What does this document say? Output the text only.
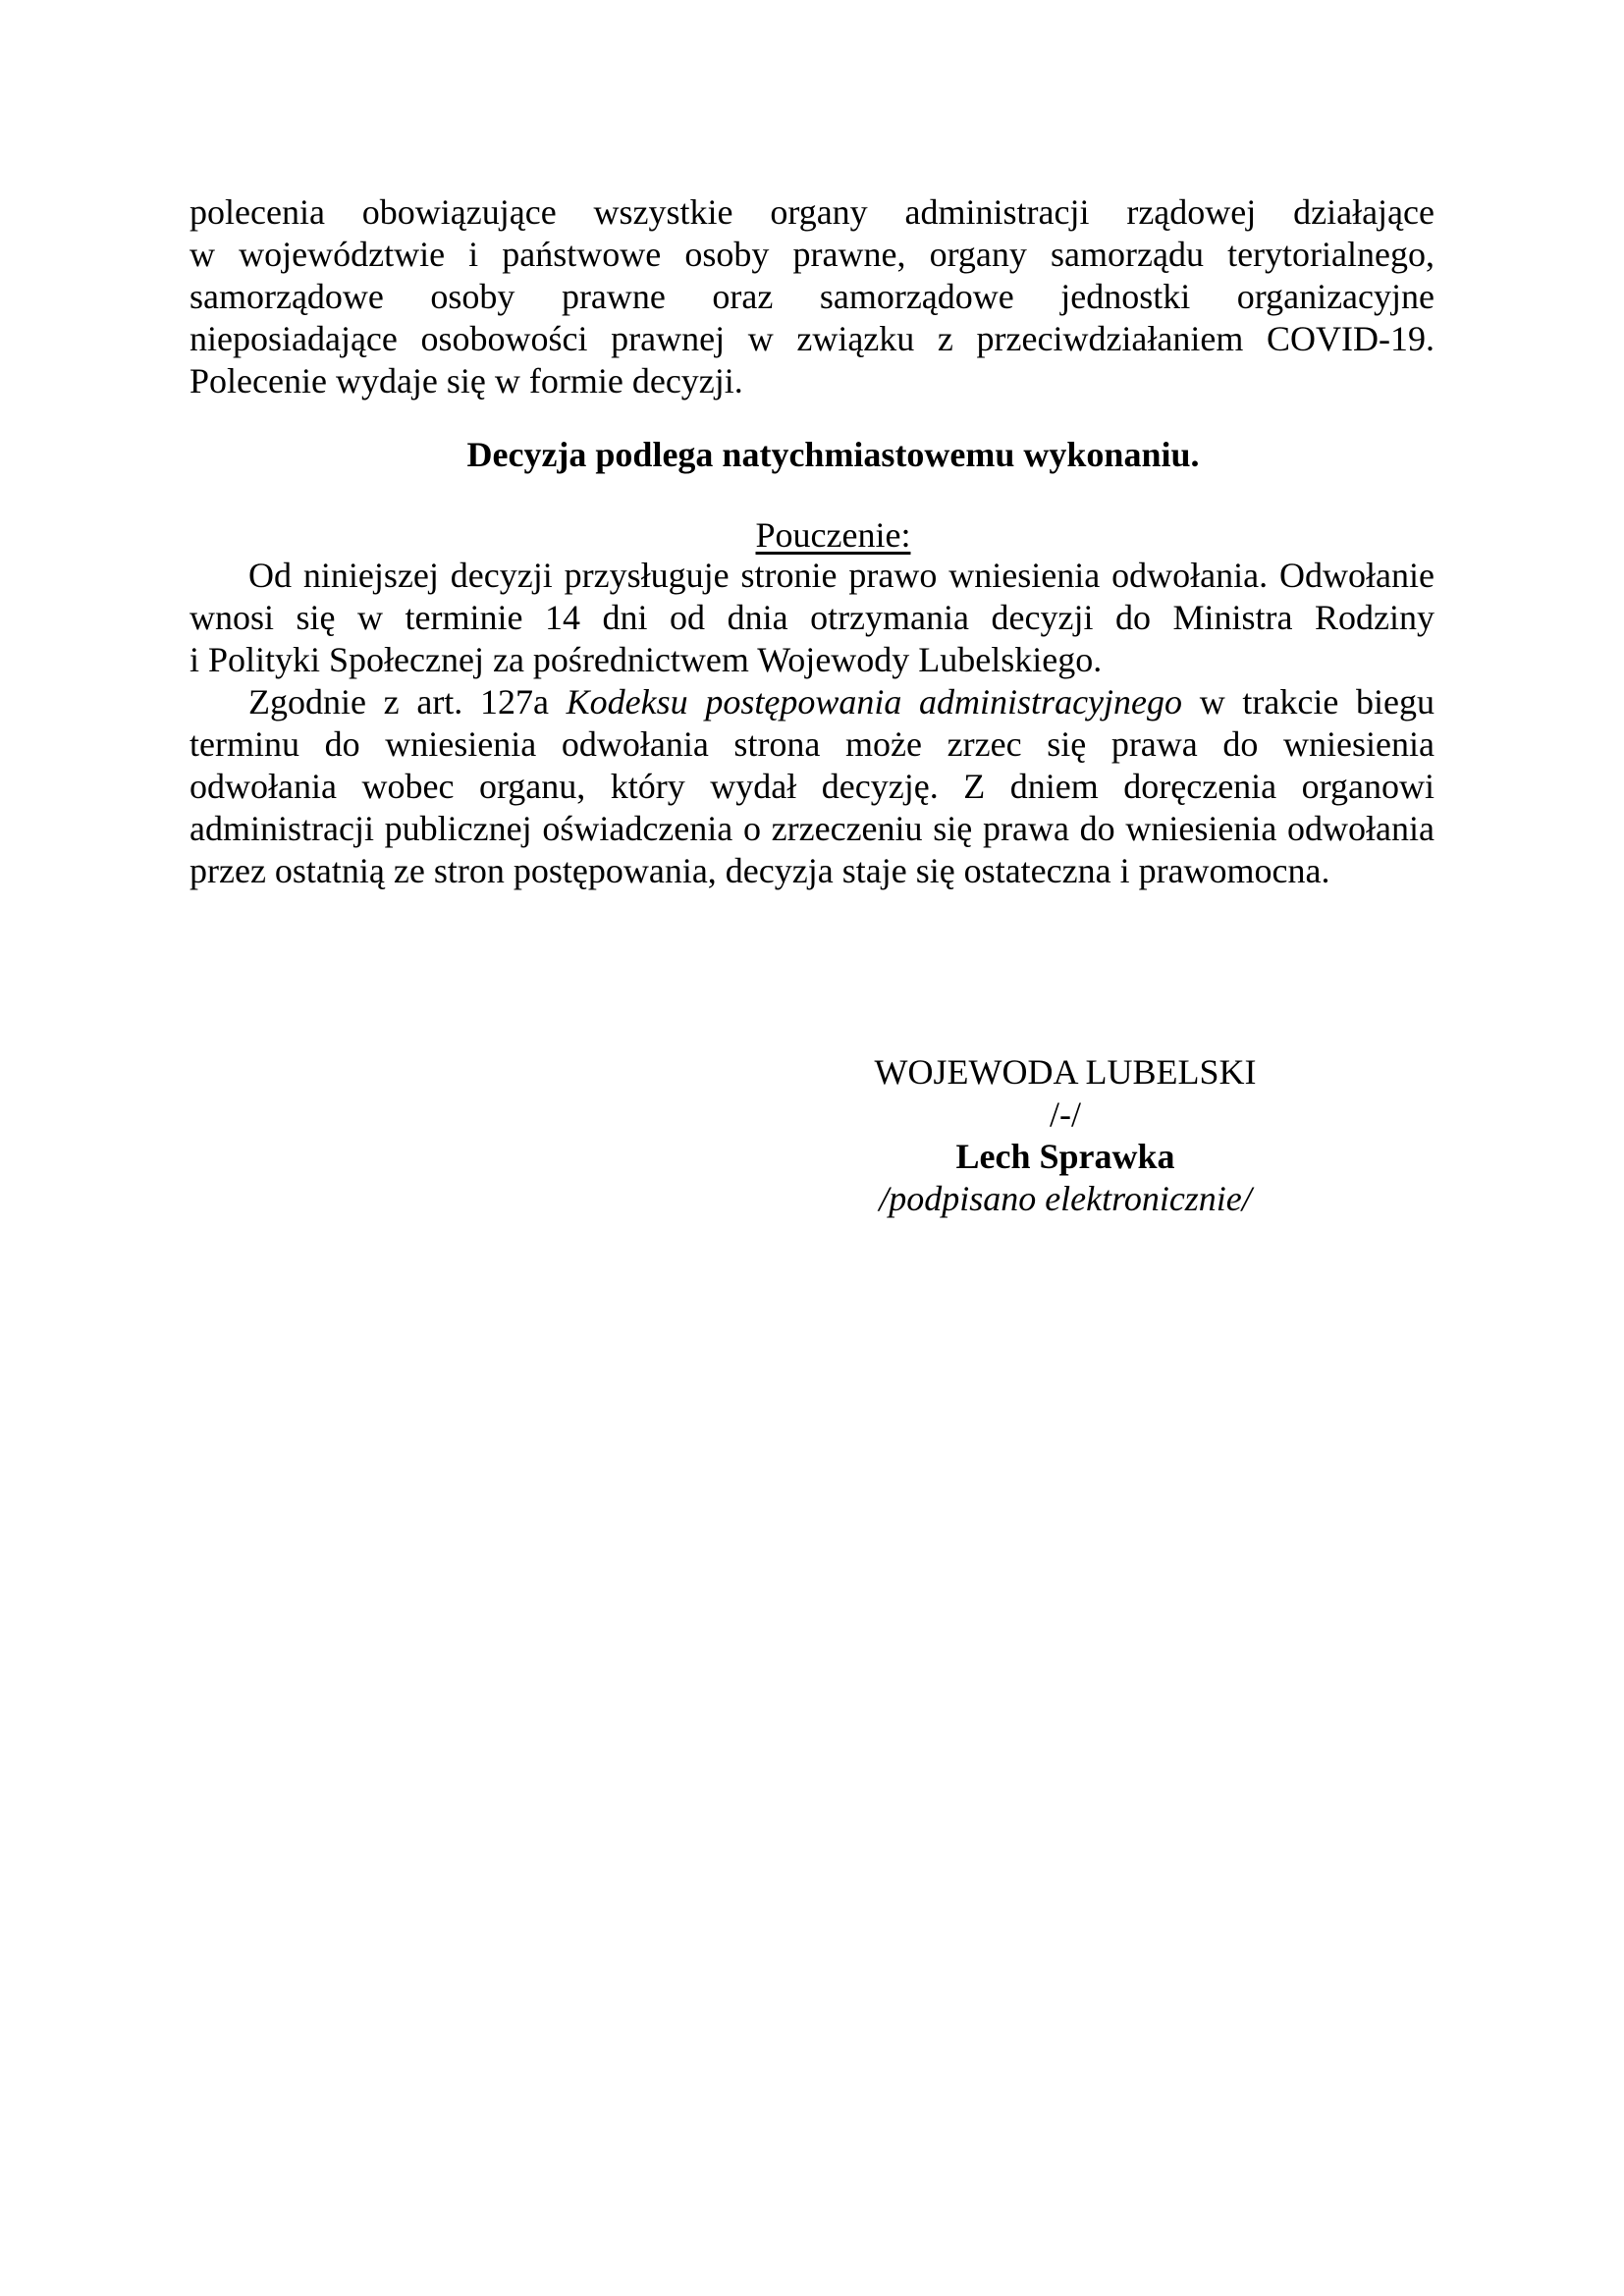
polecenia obowiązujące wszystkie organy administracji rządowej działające
w województwie i państwowe osoby prawne, organy samorządu terytorialnego,
samorządowe osoby prawne oraz samorządowe jednostki organizacyjne
nieposiadające osobowości prawnej w związku z przeciwdziałaniem COVID-19.
Polecenie wydaje się w formie decyzji.
Decyzja podlega natychmiastowemu wykonaniu.
Pouczenie:
Od niniejszej decyzji przysługuje stronie prawo wniesienia odwołania. Odwołanie
wnosi się w terminie 14 dni od dnia otrzymania decyzji do Ministra Rodziny
i Polityki Społecznej za pośrednictwem Wojewody Lubelskiego.
Zgodnie z art. 127a Kodeksu postępowania administracyjnego w trakcie biegu
terminu do wniesienia odwołania strona może zrzec się prawa do wniesienia
odwołania wobec organu, który wydał decyzję. Z dniem doręczenia organowi
administracji publicznej oświadczenia o zrzeczeniu się prawa do wniesienia odwołania
przez ostatnią ze stron postępowania, decyzja staje się ostateczna i prawomocna.
WOJEWODA LUBELSKI
/-/
Lech Sprawka
/podpisano elektronicznie/
